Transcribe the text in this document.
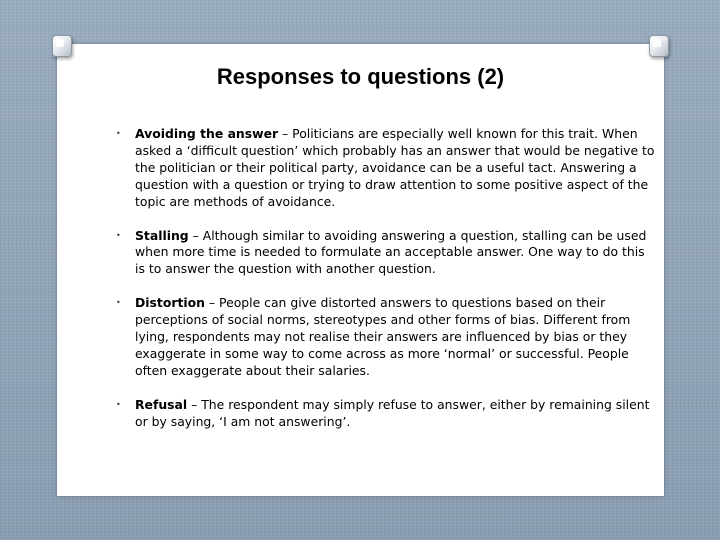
Responses to questions (2)
• Avoiding the answer – Politicians are especially well known for this trait. When asked a ‘difficult question’ which probably has an answer that would be negative to the politician or their political party, avoidance can be a useful tact. Answering a question with a question or trying to draw attention to some positive aspect of the topic are methods of avoidance.
• Stalling – Although similar to avoiding answering a question, stalling can be used when more time is needed to formulate an acceptable answer. One way to do this is to answer the question with another question.
• Distortion – People can give distorted answers to questions based on their perceptions of social norms, stereotypes and other forms of bias. Different from lying, respondents may not realise their answers are influenced by bias or they exaggerate in some way to come across as more ‘normal’ or successful. People often exaggerate about their salaries.
• Refusal – The respondent may simply refuse to answer, either by remaining silent or by saying, ‘I am not answering’.
